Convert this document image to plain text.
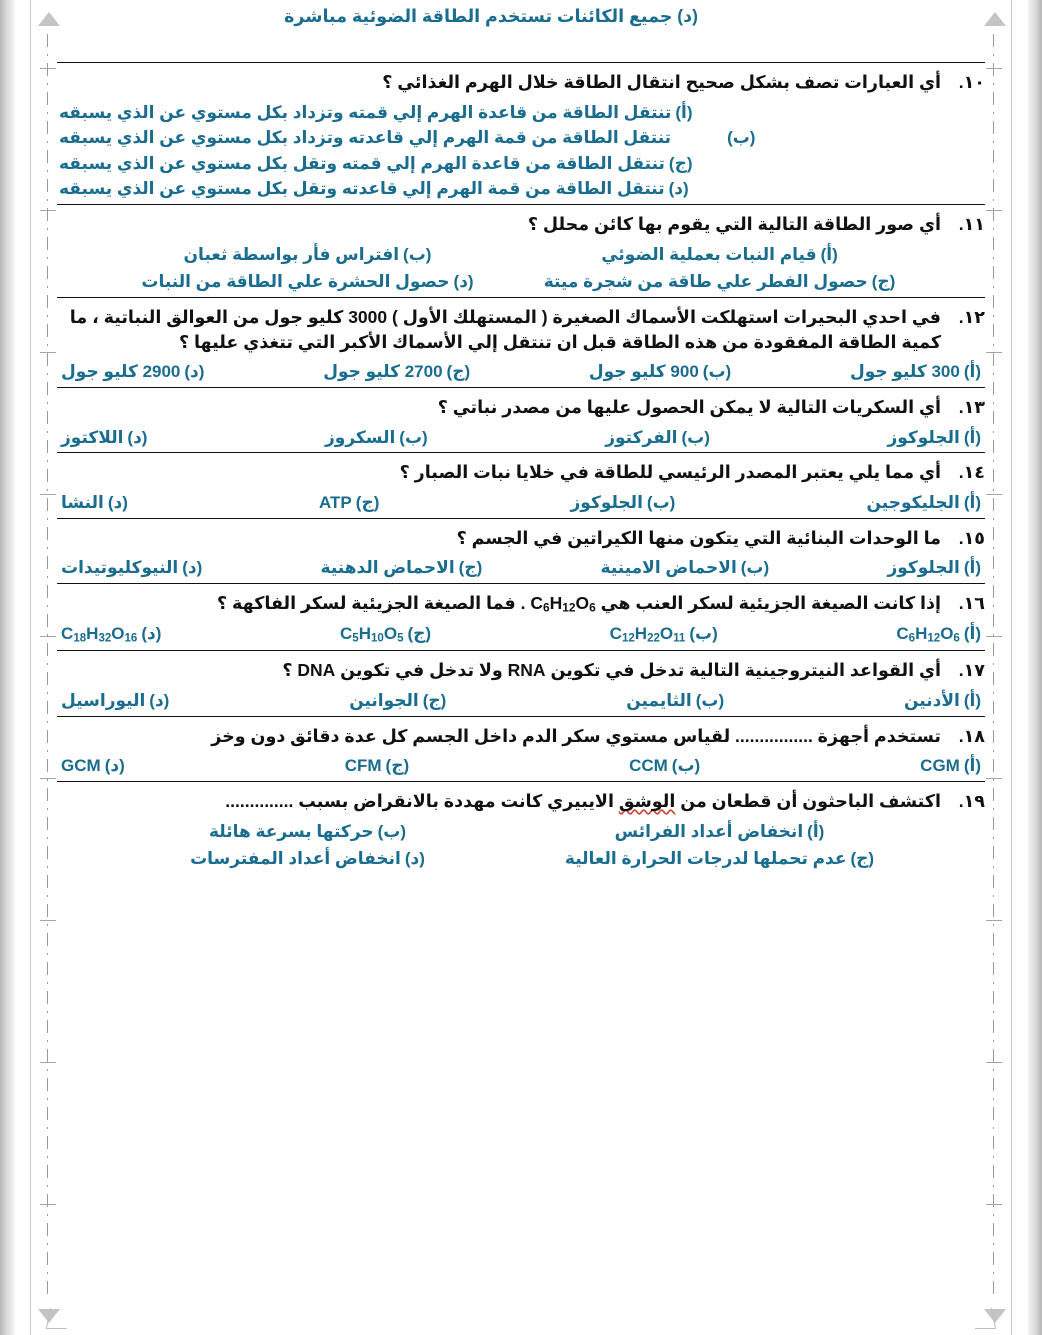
(د) جميع الكائنات تستخدم الطاقة الضوئية مباشرة
١٠.
أي العبارات تصف بشكل صحيح انتقال الطاقة خلال الهرم الغذائي ؟
(أ)تنتقل الطاقة من قاعدة الهرم إلي قمته وتزداد بكل مستوي عن الذي يسبقه
(ب)تنتقل الطاقة من قمة الهرم إلي قاعدته وتزداد بكل مستوي عن الذي يسبقه
(ج)تنتقل الطاقة من قاعدة الهرم إلي قمته وتقل بكل مستوي عن الذي يسبقه
(د)تنتقل الطاقة من قمة الهرم إلي قاعدته وتقل بكل مستوي عن الذي يسبقه
١١.
أي صور الطاقة التالية التي يقوم بها كائن محلل ؟
(أ)قيام النبات بعملية الضوئي
(ب)افتراس فأر بواسطة ثعبان
(ج)حصول الفطر علي طاقة من شجرة ميتة
(د)حصول الحشرة علي الطاقة من النبات
١٢.
في احدي البحيرات استهلكت الأسماك الصغيرة ( المستهلك الأول ) 3000 كليو جول من العوالق النباتية ، ما كمية الطاقة المفقودة من هذه الطاقة قبل ان تنتقل إلي الأسماك الأكبر التي تتغذي عليها ؟
(أ)300 كليو جول
(ب)900 كليو جول
(ج)2700 كليو جول
(د)2900 كليو جول
١٣.
أي السكريات التالية لا يمكن الحصول عليها من مصدر نباتي ؟
(أ)الجلوكوز
(ب)الفركتوز
(ب)السكروز
(د)اللاكتوز
١٤.
أي مما يلي يعتبر المصدر الرئيسي للطاقة في خلايا نبات الصبار ؟
(أ)الجليكوجين
(ب)الجلوكوز
(ج)ATP
(د)النشا
١٥.
ما الوحدات البنائية التي يتكون منها الكيراتين في الجسم ؟
(أ)الجلوكوز
(ب)الاحماض الامينية
(ج)الاحماض الدهنية
(د)النيوكليوتيدات
١٦.
إذا كانت الصيغة الجزيئية لسكر العنب هي $C_6H_{12}O_6$ . فما الصيغة الجزيئية لسكر الفاكهة ؟
$(أ)C_6H_{12}O_6$
$(ب)C_{12}H_{22}O_{11}$
$(ج)C_5H_{10}O_5$
$(د)C_{18}H_{32}O_{16}$
١٧.
أي القواعد النيتروجينية التالية تدخل في تكوين RNA ولا تدخل في تكوين DNA ؟
(أ)الأدنين
(ب)الثايمين
(ج)الجوانين
(د)اليوراسيل
١٨.
تستخدم أجهزة ................ لقياس مستوي سكر الدم داخل الجسم كل عدة دقائق دون وخز
(أ)CGM
(ب)CCM
(ج)CFM
(د)GCM
١٩.
اكتشف الباحثون أن قطعان من الوشق الايبيري كانت مهددة بالانقراض بسبب ..............
(أ)انخفاض أعداد الفرائس
(ب)حركتها بسرعة هائلة
(ج)عدم تحملها لدرجات الحرارة العالية
(د)انخفاض أعداد المفترسات
